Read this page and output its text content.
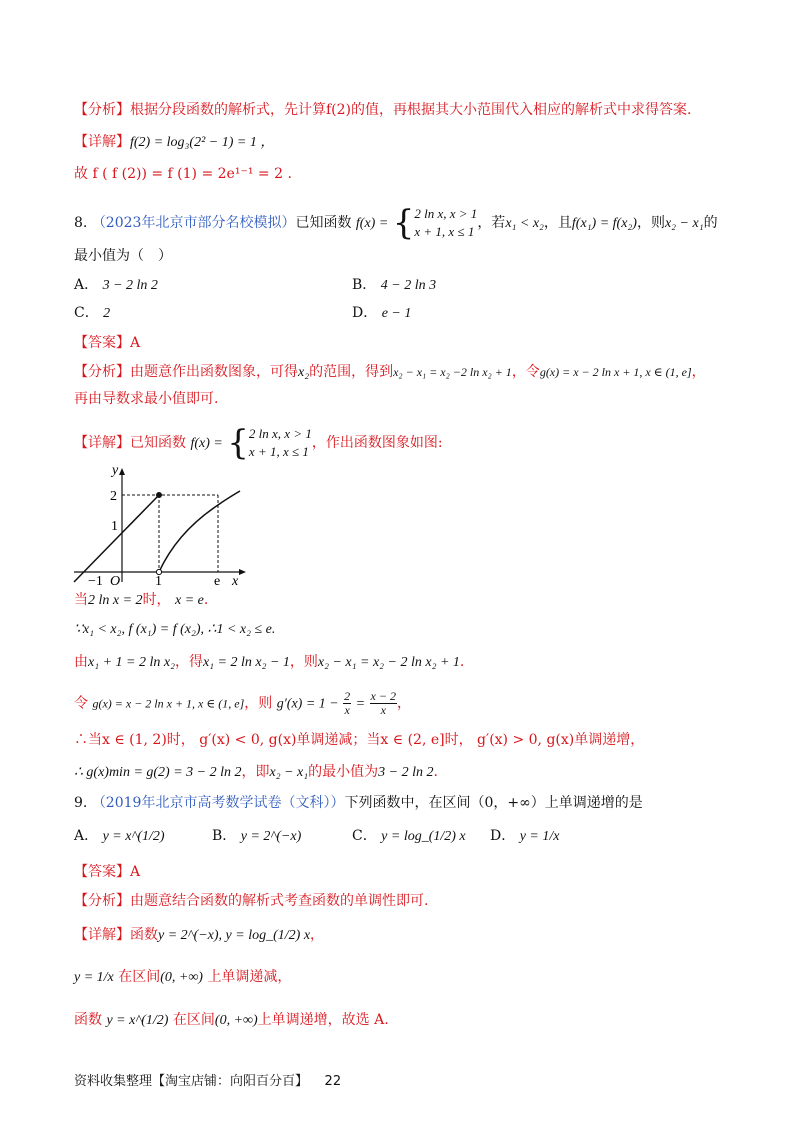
【分析】根据分段函数的解析式，先计算f(2)的值，再根据其大小范围代入相应的解析式中求得答案.
【详解】f(2) = log₃(2² − 1) = 1 ，
故 f ( f (2)) = f (1) = 2e¹⁻¹ = 2 .
8. （2023年北京市部分名校模拟）已知函数 f(x) = { 2 ln x, x > 1
x + 1, x ≤ 1
，若x₁ < x₂，且f(x₁) = f(x₂)，则x₂ − x₁的
最小值为（　）
A． 3 − 2 ln 2	B． 4 − 2 ln 3
C． 2	D． e − 1
【答案】A
【分析】由题意作出函数图象，可得x₂的范围，得到x₂ − x₁ = x₂ −2 ln x₂ + 1，令g(x) = x − 2 ln x + 1, x ∈ (1, e]，
再由导数求最小值即可.
【详解】已知函数 f(x) = { 2 ln x, x > 1
x + 1, x ≤ 1
，作出函数图象如图:
y
x
O
2
1
−1	1	e
当2 ln x = 2时， x = e.
∵x₁ < x₂, f (x₁) = f (x₂), ∴1 < x₂ ≤ e.
由x₁ + 1 = 2 ln x₂，得x₁ = 2 ln x₂ − 1，则x₂ − x₁ = x₂ − 2 ln x₂ + 1.
令 g(x) = x − 2 ln x + 1, x ∈ (1, e]，则 $g'(x) = 1 - \frac{2}{x} = \frac{x - 2}{x}$ ，
∴当x ∈ (1, 2)时， g′(x) < 0, g(x)单调递减；当x ∈ (2, e]时， g′(x) > 0, g(x)单调递增，
∴ g(x)min = g(2) = 3 − 2 ln 2，即x₂ − x₁的最小值为3 − 2 ln 2.
9. （2019年北京市高考数学试卷（文科））下列函数中，在区间（0，+∞）上单调递增的是
A． y = x^(1/2)	B． y = 2^(−x)	C． y = log_(1/2) x D． y = 1/x
【答案】A
【分析】由题意结合函数的解析式考查函数的单调性即可.
【详解】函数y = 2^(−x), y = log_(1/2) x，
y = 1/x 在区间(0, +∞) 上单调递减，
函数 y = x^(1/2) 在区间(0, +∞)上单调递增，故选 A.
资料收集整理【淘宝店铺：向阳百分百】 22
